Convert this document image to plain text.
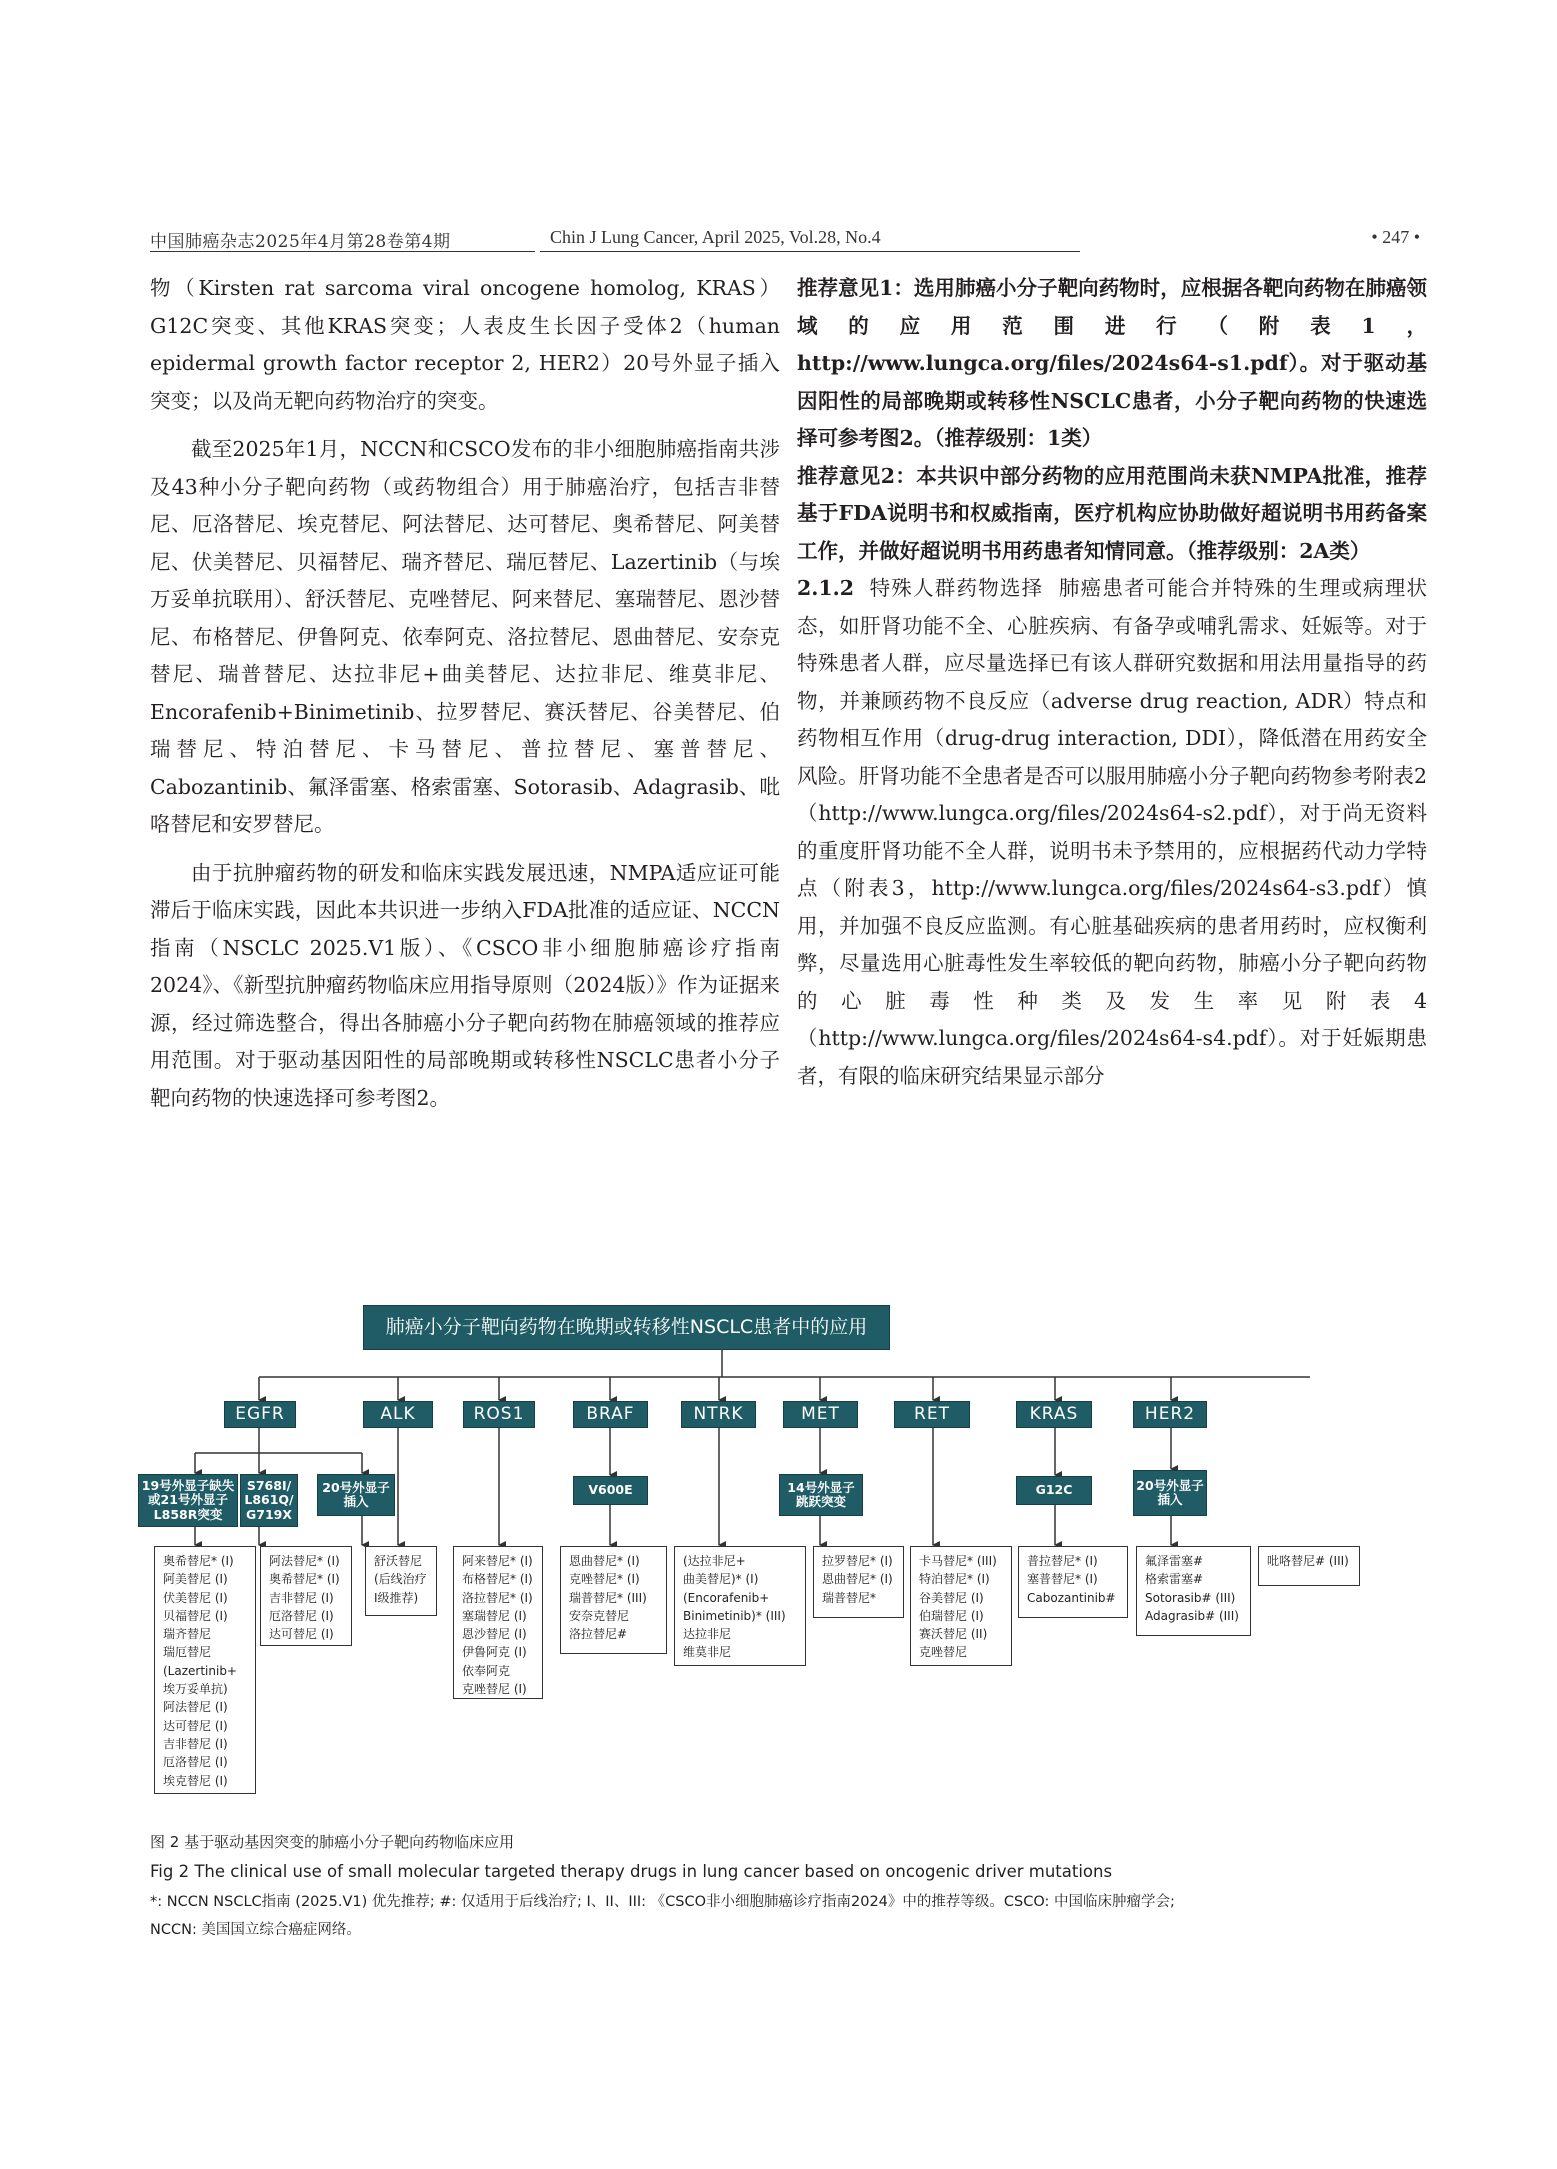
中国肺癌杂志2025年4月第28卷第4期	Chin J Lung Cancer, April 2025, Vol.28, No.4	• 247 •

物（Kirsten rat sarcoma viral oncogene homolog, KRAS）G12C突变、其他KRAS突变；人表皮生长因子受体2（human epidermal growth factor receptor 2, HER2）20号外显子插入突变；以及尚无靶向药物治疗的突变。

截至2025年1月，NCCN和CSCO发布的非小细胞肺癌指南共涉及43种小分子靶向药物（或药物组合）用于肺癌治疗，包括吉非替尼、厄洛替尼、埃克替尼、阿法替尼、达可替尼、奥希替尼、阿美替尼、伏美替尼、贝福替尼、瑞齐替尼、瑞厄替尼、Lazertinib（与埃万妥单抗联用）、舒沃替尼、克唑替尼、阿来替尼、塞瑞替尼、恩沙替尼、布格替尼、伊鲁阿克、依奉阿克、洛拉替尼、恩曲替尼、安奈克替尼、瑞普替尼、达拉非尼+曲美替尼、达拉非尼、维莫非尼、Encorafenib+Binimetinib、拉罗替尼、赛沃替尼、谷美替尼、伯瑞替尼、特泊替尼、卡马替尼、普拉替尼、塞普替尼、Cabozantinib、氟泽雷塞、格索雷塞、Sotorasib、Adagrasib、吡咯替尼和安罗替尼。

由于抗肿瘤药物的研发和临床实践发展迅速，NMPA适应证可能滞后于临床实践，因此本共识进一步纳入FDA批准的适应证、NCCN指南（NSCLC 2025.V1版）、《CSCO非小细胞肺癌诊疗指南2024》、《新型抗肿瘤药物临床应用指导原则（2024版）》作为证据来源，经过筛选整合，得出各肺癌小分子靶向药物在肺癌领域的推荐应用范围。对于驱动基因阳性的局部晚期或转移性NSCLC患者小分子靶向药物的快速选择可参考图2。

推荐意见1：选用肺癌小分子靶向药物时，应根据各靶向药物在肺癌领域的应用范围进行（附表1，http://www.lungca.org/files/2024s64-s1.pdf）。对于驱动基因阳性的局部晚期或转移性NSCLC患者，小分子靶向药物的快速选择可参考图2。（推荐级别：1类）

推荐意见2：本共识中部分药物的应用范围尚未获NMPA批准，推荐基于FDA说明书和权威指南，医疗机构应协助做好超说明书用药备案工作，并做好超说明书用药患者知情同意。（推荐级别：2A类）

2.1.2 特殊人群药物选择 肺癌患者可能合并特殊的生理或病理状态，如肝肾功能不全、心脏疾病、有备孕或哺乳需求、妊娠等。对于特殊患者人群，应尽量选择已有该人群研究数据和用法用量指导的药物，并兼顾药物不良反应（adverse drug reaction, ADR）特点和药物相互作用（drug-drug interaction, DDI），降低潜在用药安全风险。肝肾功能不全患者是否可以服用肺癌小分子靶向药物参考附表2（http://www.lungca.org/files/2024s64-s2.pdf），对于尚无资料的重度肝肾功能不全人群，说明书未予禁用的，应根据药代动力学特点（附表3，http://www.lungca.org/files/2024s64-s3.pdf）慎用，并加强不良反应监测。有心脏基础疾病的患者用药时，应权衡利弊，尽量选用心脏毒性发生率较低的靶向药物，肺癌小分子靶向药物的心脏毒性种类及发生率见附表4（http://www.lungca.org/files/2024s64-s4.pdf）。对于妊娠期患者，有限的临床研究结果显示部分

肺癌小分子靶向药物在晚期或转移性NSCLC患者中的应用
EGFR	ALK	ROS1	BRAF	NTRK	MET	RET	KRAS	HER2
19号外显子缺失
或21号外显子
L858R突变
S768I/
L861Q/
G719X
20号外显子
插入
V600E	14号外显子
跳跃突变
G12C	20号外显子
插入
奥希替尼* (I)
阿美替尼 (I)
伏美替尼 (I)
贝福替尼 (I)
瑞齐替尼
瑞厄替尼
(Lazertinib+
埃万妥单抗)
阿法替尼 (I)
达可替尼 (I)
吉非替尼 (I)
厄洛替尼 (I)
埃克替尼 (I)
阿法替尼* (I)
奥希替尼* (I)
吉非替尼 (I)
厄洛替尼 (I)
达可替尼 (I)
舒沃替尼
(后线治疗
I级推荐)
阿来替尼* (I)
布格替尼* (I)
洛拉替尼* (I)
塞瑞替尼 (I)
恩沙替尼 (I)
伊鲁阿克 (I)
依奉阿克
克唑替尼 (I)
恩曲替尼* (I)
克唑替尼* (I)
瑞普替尼* (III)
安奈克替尼
洛拉替尼#
(达拉非尼+
曲美替尼)* (I)
(Encorafenib+
Binimetinib)* (III)
达拉非尼
维莫非尼
拉罗替尼* (I)
恩曲替尼* (I)
瑞普替尼*
卡马替尼* (III)
特泊替尼* (I)
谷美替尼 (I)
伯瑞替尼 (I)
赛沃替尼 (II)
克唑替尼
普拉替尼* (I)
塞普替尼* (I)
Cabozantinib#
氟泽雷塞#
格索雷塞#
Sotorasib# (III)
Adagrasib# (III)
吡咯替尼# (III)
图 2 基于驱动基因突变的肺癌小分子靶向药物临床应用
Fig 2 The clinical use of small molecular targeted therapy drugs in lung cancer based on oncogenic driver mutations
*: NCCN NSCLC指南 (2025.V1) 优先推荐; #: 仅适用于后线治疗; I、II、III: 《CSCO非小细胞肺癌诊疗指南2024》中的推荐等级。CSCO: 中国临床肿瘤学会;
NCCN: 美国国立综合癌症网络。
